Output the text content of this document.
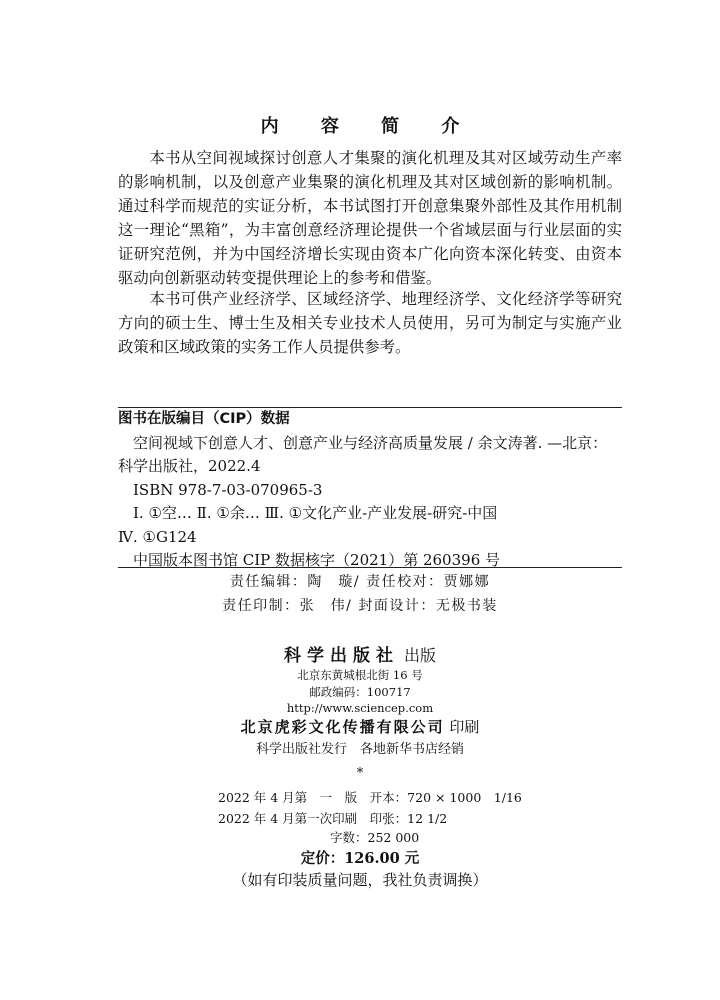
内 容 简 介
本书从空间视域探讨创意人才集聚的演化机理及其对区域劳动生产率的影响机制，以及创意产业集聚的演化机理及其对区域创新的影响机制。通过科学而规范的实证分析，本书试图打开创意集聚外部性及其作用机制这一理论“黑箱”，为丰富创意经济理论提供一个省域层面与行业层面的实证研究范例，并为中国经济增长实现由资本广化向资本深化转变、由资本驱动向创新驱动转变提供理论上的参考和借鉴。
本书可供产业经济学、区域经济学、地理经济学、文化经济学等研究方向的硕士生、博士生及相关专业技术人员使用，另可为制定与实施产业政策和区域政策的实务工作人员提供参考。
图书在版编目（CIP）数据
空间视域下创意人才、创意产业与经济高质量发展 / 余文涛著. —北京：
科学出版社，2022.4
ISBN 978-7-03-070965-3
Ⅰ. ①空… Ⅱ. ①余… Ⅲ. ①文化产业-产业发展-研究-中国
Ⅳ. ①G124
中国版本图书馆 CIP 数据核字（2021）第 260396 号
责任编辑：陶　璇/ 责任校对：贾娜娜
责任印制：张　伟/ 封面设计：无极书装
科学出版社 出版
北京东黄城根北街 16 号
邮政编码：100717
http://www.sciencep.com
北京虎彩文化传播有限公司 印刷
科学出版社发行　各地新华书店经销
*
2022 年 4 月第　一　版　开本：720 × 1000　1/16
2022 年 4 月第一次印刷　印张：12 1/2
字数：252 000
定价：126.00 元
（如有印装质量问题，我社负责调换）
